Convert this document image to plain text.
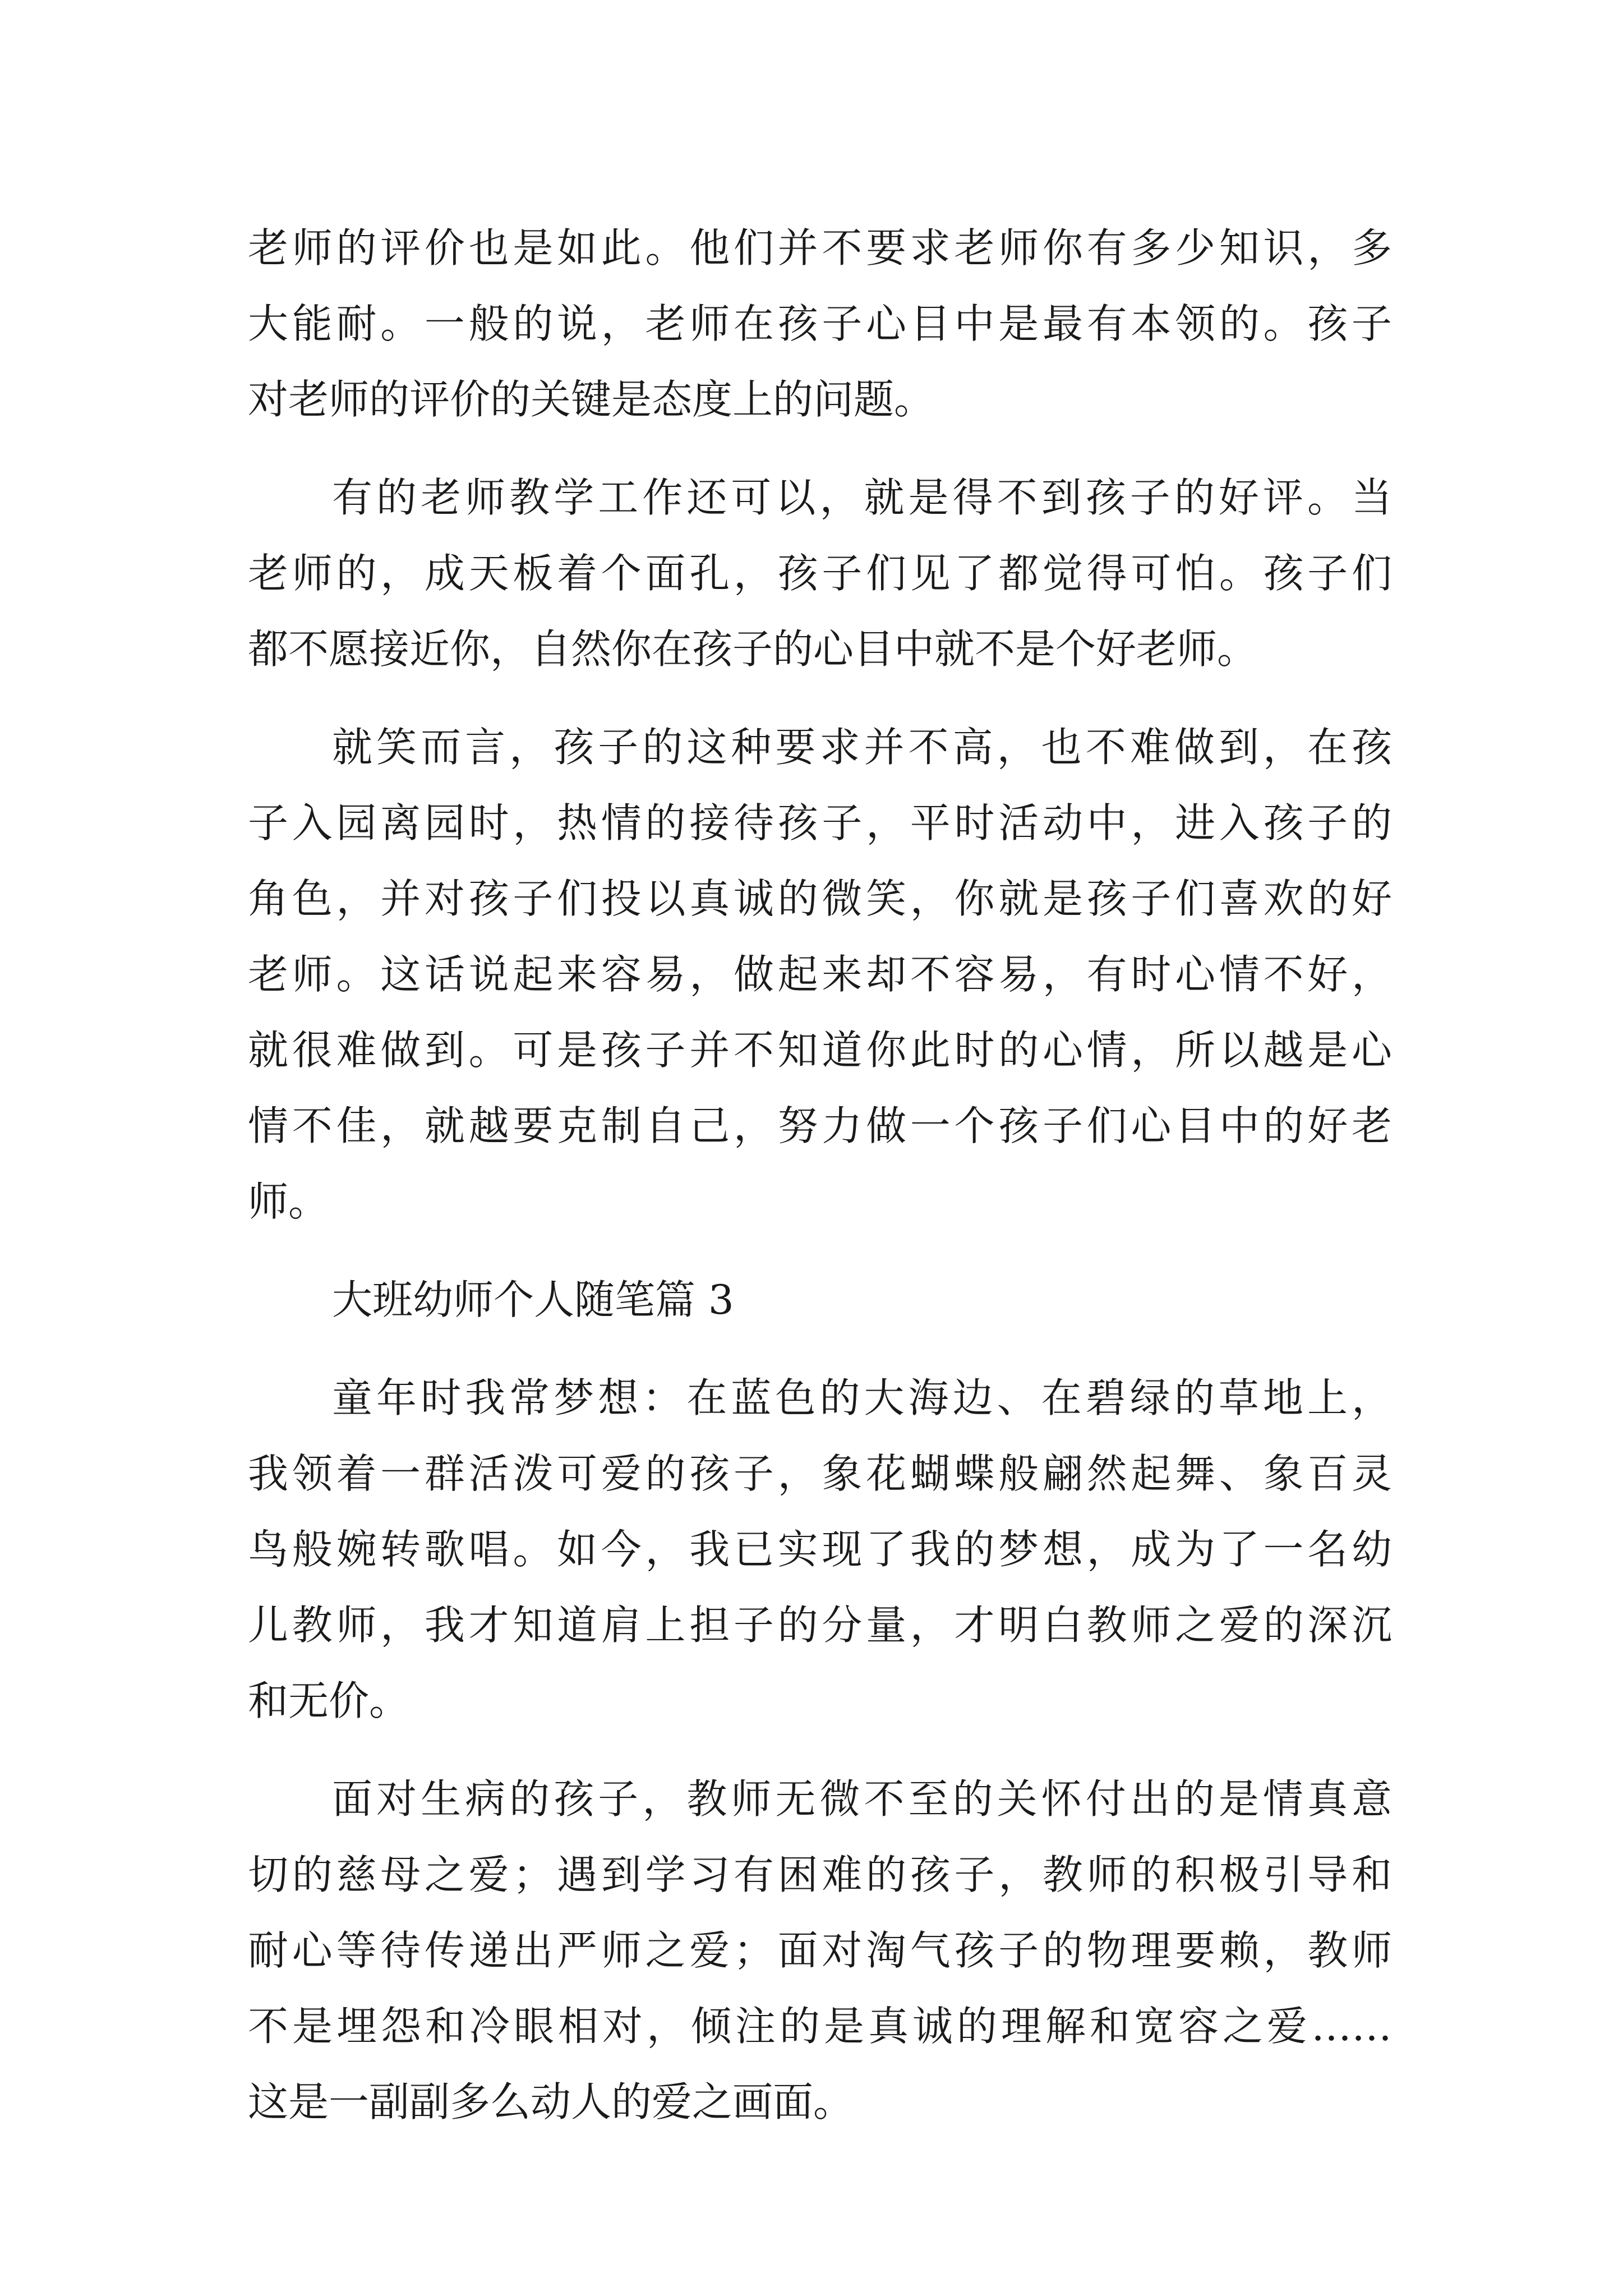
老师的评价也是如此。他们并不要求老师你有多少知识，多
大能耐。一般的说，老师在孩子心目中是最有本领的。孩子
对老师的评价的关键是态度上的问题。
有的老师教学工作还可以，就是得不到孩子的好评。当
老师的，成天板着个面孔，孩子们见了都觉得可怕。孩子们
都不愿接近你，自然你在孩子的心目中就不是个好老师。
就笑而言，孩子的这种要求并不高，也不难做到，在孩
子入园离园时，热情的接待孩子，平时活动中，进入孩子的
角色，并对孩子们投以真诚的微笑，你就是孩子们喜欢的好
老师。这话说起来容易，做起来却不容易，有时心情不好，
就很难做到。可是孩子并不知道你此时的心情，所以越是心
情不佳，就越要克制自己，努力做一个孩子们心目中的好老
师。
大班幼师个人随笔篇 3
童年时我常梦想：在蓝色的大海边、在碧绿的草地上，
我领着一群活泼可爱的孩子，象花蝴蝶般翩然起舞、象百灵
鸟般婉转歌唱。如今，我已实现了我的梦想，成为了一名幼
儿教师，我才知道肩上担子的分量，才明白教师之爱的深沉
和无价。
面对生病的孩子，教师无微不至的关怀付出的是情真意
切的慈母之爱；遇到学习有困难的孩子，教师的积极引导和
耐心等待传递出严师之爱；面对淘气孩子的物理要赖，教师
不是埋怨和冷眼相对，倾注的是真诚的理解和宽容之爱……
这是一副副多么动人的爱之画面。
